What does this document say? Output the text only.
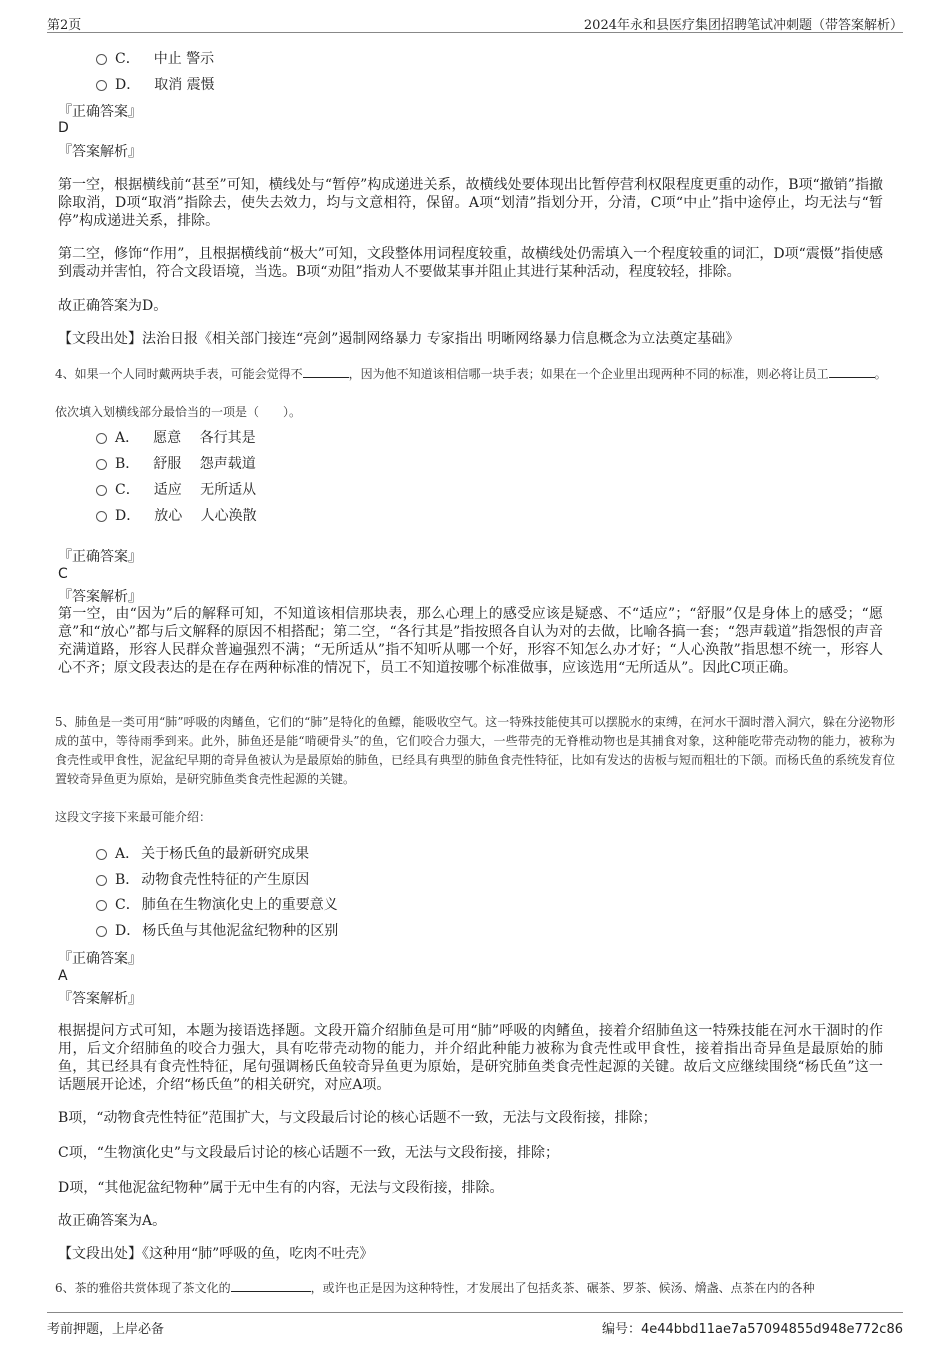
第2页	2024年永和县医疗集团招聘笔试冲刺题（带答案解析）
C． 中止 警示
D． 取消 震慑
『正确答案』
D
『答案解析』
第一空，根据横线前“甚至”可知，横线处与“暂停”构成递进关系，故横线处要体现出比暂停营利权限程度更重的动作，B项“撤销”指撤除取消，D项“取消”指除去，使失去效力，均与文意相符，保留。A项“划清”指划分开，分清，C项“中止”指中途停止，均无法与“暂停”构成递进关系，排除。
第二空，修饰“作用”，且根据横线前“极大”可知，文段整体用词程度较重，故横线处仍需填入一个程度较重的词汇，D项“震慑”指使感到震动并害怕，符合文段语境，当选。B项“劝阻”指劝人不要做某事并阻止其进行某种活动，程度较轻，排除。
故正确答案为D。
【文段出处】法治日报《相关部门接连“亮剑”遏制网络暴力 专家指出 明晰网络暴力信息概念为立法奠定基础》
4、如果一个人同时戴两块手表，可能会觉得不	，因为他不知道该相信哪一块手表；如果在一个企业里出现两种不同的标准，则必将让员工	。
依次填入划横线部分最恰当的一项是（　　）。
A． 愿意　 各行其是
B． 舒服　 怨声载道
C． 适应　 无所适从
D． 放心　 人心涣散
『正确答案』
C
『答案解析』
第一空，由“因为”后的解释可知，不知道该相信那块表，那么心理上的感受应该是疑惑、不“适应”；“舒服”仅是身体上的感受；“愿意”和“放心”都与后文解释的原因不相搭配；第二空，“各行其是”指按照各自认为对的去做，比喻各搞一套；“怨声载道”指怨恨的声音充满道路，形容人民群众普遍强烈不满；“无所适从”指不知听从哪一个好，形容不知怎么办才好；“人心涣散”指思想不统一，形容人心不齐；原文段表达的是在存在两种标准的情况下，员工不知道按哪个标准做事，应该选用“无所适从”。因此C项正确。
5、肺鱼是一类可用“肺”呼吸的肉鳍鱼，它们的“肺”是特化的鱼鳔，能吸收空气。这一特殊技能使其可以摆脱水的束缚，在河水干涸时潜入洞穴，躲在分泌物形成的茧中，等待雨季到来。此外，肺鱼还是能“啃硬骨头”的鱼，它们咬合力强大，一些带壳的无脊椎动物也是其捕食对象，这种能吃带壳动物的能力，被称为食壳性或甲食性，泥盆纪早期的奇异鱼被认为是最原始的肺鱼，已经具有典型的肺鱼食壳性特征，比如有发达的齿板与短而粗壮的下颌。而杨氏鱼的系统发育位置较奇异鱼更为原始，是研究肺鱼类食壳性起源的关键。
这段文字接下来最可能介绍：
A． 关于杨氏鱼的最新研究成果
B． 动物食壳性特征的产生原因
C． 肺鱼在生物演化史上的重要意义
D． 杨氏鱼与其他泥盆纪物种的区别
『正确答案』
A
『答案解析』
根据提问方式可知，本题为接语选择题。文段开篇介绍肺鱼是可用“肺”呼吸的肉鳍鱼，接着介绍肺鱼这一特殊技能在河水干涸时的作用，后文介绍肺鱼的咬合力强大，具有吃带壳动物的能力，并介绍此种能力被称为食壳性或甲食性，接着指出奇异鱼是最原始的肺鱼，其已经具有食壳性特征，尾句强调杨氏鱼较奇异鱼更为原始，是研究肺鱼类食壳性起源的关键。故后文应继续围绕“杨氏鱼”这一话题展开论述，介绍“杨氏鱼”的相关研究，对应A项。
B项，“动物食壳性特征”范围扩大，与文段最后讨论的核心话题不一致，无法与文段衔接，排除；
C项，“生物演化史”与文段最后讨论的核心话题不一致，无法与文段衔接，排除；
D项，“其他泥盆纪物种”属于无中生有的内容，无法与文段衔接，排除。
故正确答案为A。
【文段出处】《这种用“肺”呼吸的鱼，吃肉不吐壳》
6、茶的雅俗共赏体现了茶文化的	，或许也正是因为这种特性，才发展出了包括炙茶、碾茶、罗茶、候汤、熁盏、点茶在内的各种
考前押题，上岸必备	编号：4e44bbd11ae7a57094855d948e772c86
